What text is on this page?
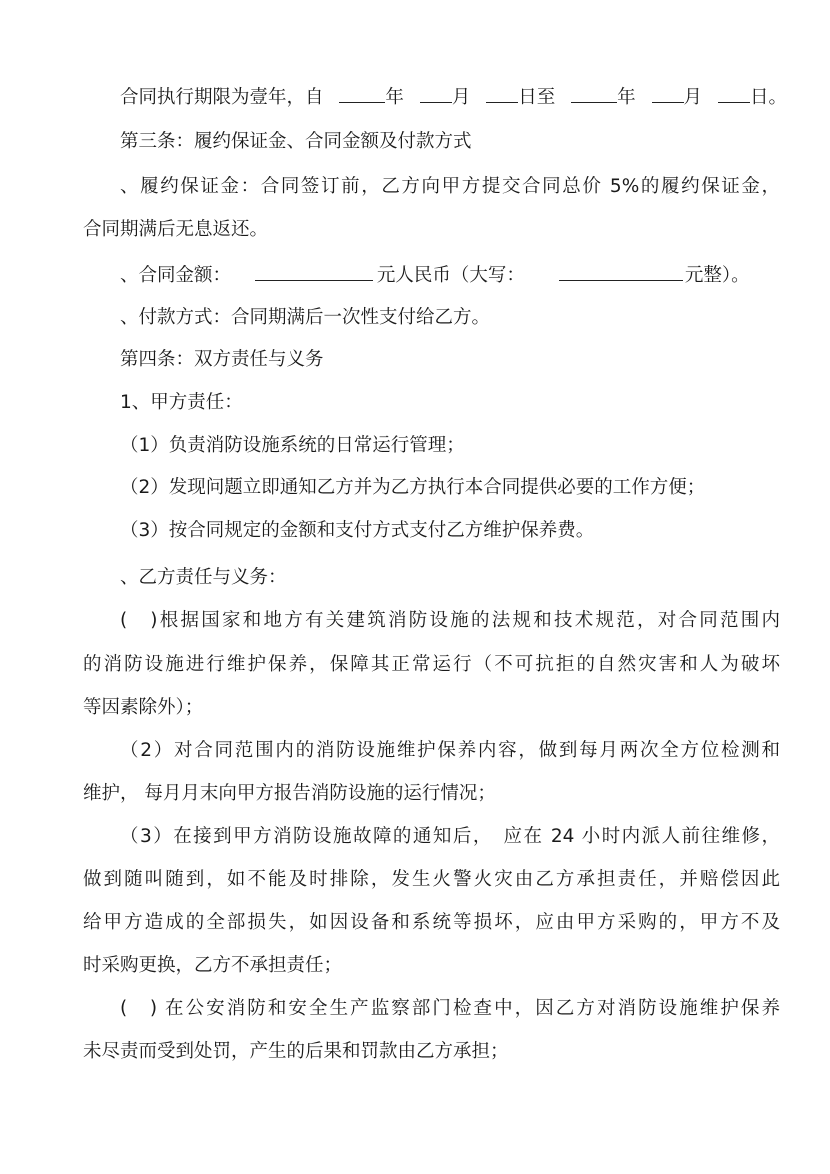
合同执行期限为壹年，自	年	月	日至	年	月	日。
第三条：履约保证金、合同金额及付款方式
、履约保证金：合同签订前，乙方向甲方提交合同总价 5%的履约保证金，
合同期满后无息返还。
、合同金额：	元人民币（大写：	元整）。
、付款方式：合同期满后一次性支付给乙方。
第四条：双方责任与义务
1、甲方责任：
（1）负责消防设施系统的日常运行管理；
（2）发现问题立即通知乙方并为乙方执行本合同提供必要的工作方便；
（3）按合同规定的金额和支付方式支付乙方维护保养费。
、乙方责任与义务：
(　)根据国家和地方有关建筑消防设施的法规和技术规范，对合同范围内
的消防设施进行维护保养，保障其正常运行（不可抗拒的自然灾害和人为破坏
等因素除外）；
（2）对合同范围内的消防设施维护保养内容，做到每月两次全方位检测和
维护， 每月月末向甲方报告消防设施的运行情况；
（3）在接到甲方消防设施故障的通知后，　应在 24 小时内派人前往维修，
做到随叫随到，如不能及时排除，发生火警火灾由乙方承担责任，并赔偿因此
给甲方造成的全部损失，如因设备和系统等损坏，应由甲方采购的，甲方不及
时采购更换，乙方不承担责任；
(　) 在公安消防和安全生产监察部门检查中，因乙方对消防设施维护保养
未尽责而受到处罚，产生的后果和罚款由乙方承担；
